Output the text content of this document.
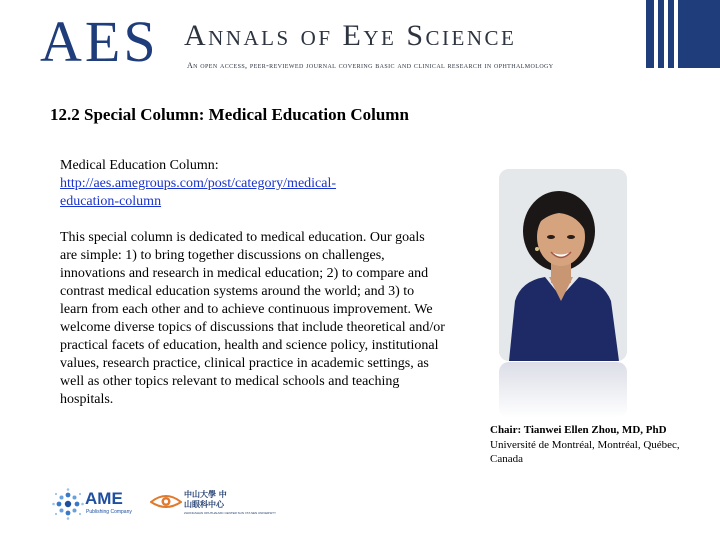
AES Annals of Eye Science
An open access, peer-reviewed journal covering basic and clinical research in ophthalmology
12.2 Special Column: Medical Education Column

Medical Education Column:

http://aes.amegroups.com/post/category/medical-
education-column

This special column is dedicated to medical education. Our goals are simple: 1) to bring together discussions on challenges, innovations and research in medical education; 2) to compare and contrast medical education systems around the world; and 3) to learn from each other and to achieve continuous improvement. We welcome diverse topics of discussions that include theoretical and/or practical facets of education, health and science policy, institutional values, research practice, clinical practice in academic settings, as well as other topics relevant to medical schools and teaching hospitals.

Chair: Tianwei Ellen Zhou, MD, PhD
Université de Montréal, Montréal, Québec, Canada
AME
Publishing Company
中山大學 中山眼科中心
ZHONGSHAN OPHTHALMIC CENTER SUN YAT-SEN UNIVERSITY
